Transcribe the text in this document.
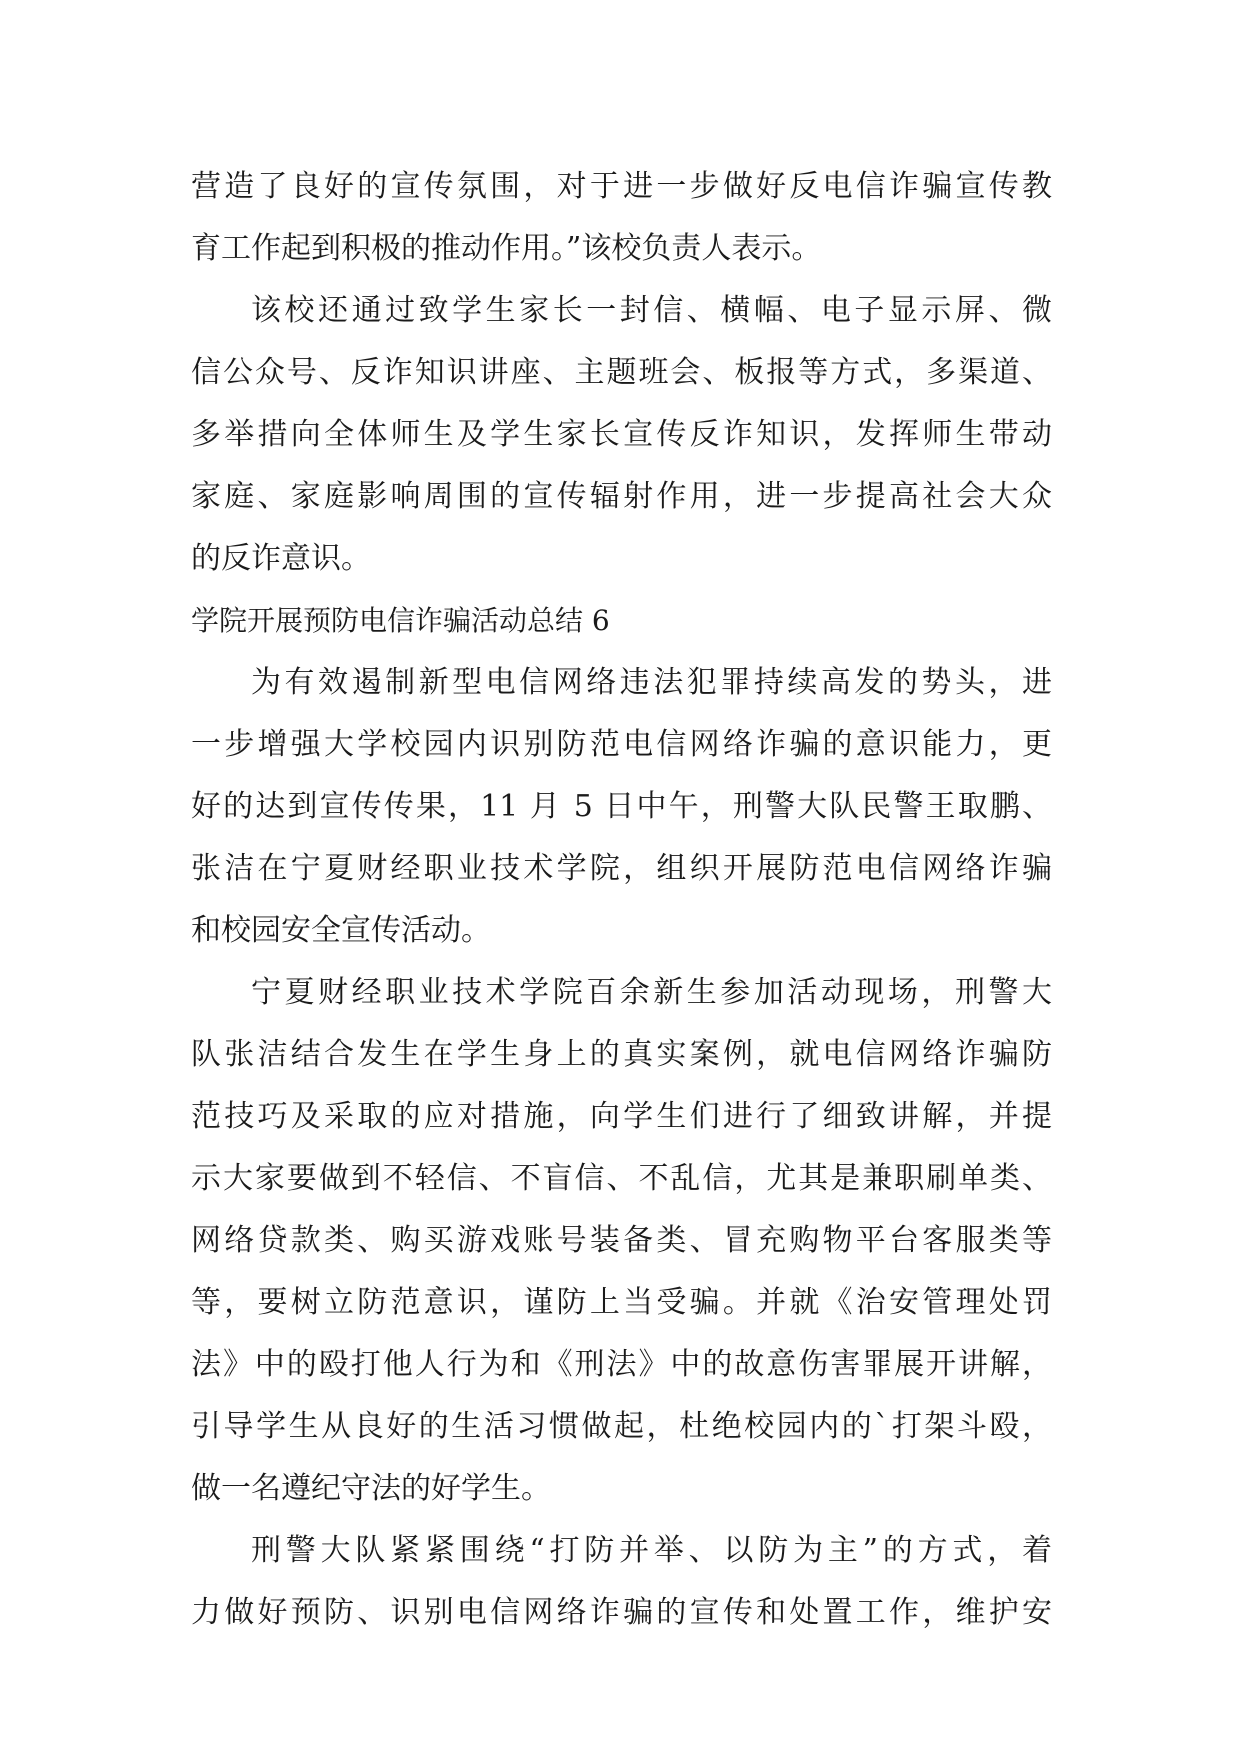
营造了良好的宣传氛围，对于进一步做好反电信诈骗宣传教
育工作起到积极的推动作用。”该校负责人表示。
该校还通过致学生家长一封信、横幅、电子显示屏、微
信公众号、反诈知识讲座、主题班会、板报等方式，多渠道、
多举措向全体师生及学生家长宣传反诈知识，发挥师生带动
家庭、家庭影响周围的宣传辐射作用，进一步提高社会大众
的反诈意识。
学院开展预防电信诈骗活动总结 6
为有效遏制新型电信网络违法犯罪持续高发的势头，进
一步增强大学校园内识别防范电信网络诈骗的意识能力，更
好的达到宣传传果，11 月 5 日中午，刑警大队民警王取鹏、
张洁在宁夏财经职业技术学院，组织开展防范电信网络诈骗
和校园安全宣传活动。
宁夏财经职业技术学院百余新生参加活动现场，刑警大
队张洁结合发生在学生身上的真实案例，就电信网络诈骗防
范技巧及采取的应对措施，向学生们进行了细致讲解，并提
示大家要做到不轻信、不盲信、不乱信，尤其是兼职刷单类、
网络贷款类、购买游戏账号装备类、冒充购物平台客服类等
等，要树立防范意识，谨防上当受骗。并就《治安管理处罚
法》中的殴打他人行为和《刑法》中的故意伤害罪展开讲解，
引导学生从良好的生活习惯做起，杜绝校园内的`打架斗殴，
做一名遵纪守法的好学生。
刑警大队紧紧围绕“打防并举、以防为主”的方式，着
力做好预防、识别电信网络诈骗的宣传和处置工作，维护安
